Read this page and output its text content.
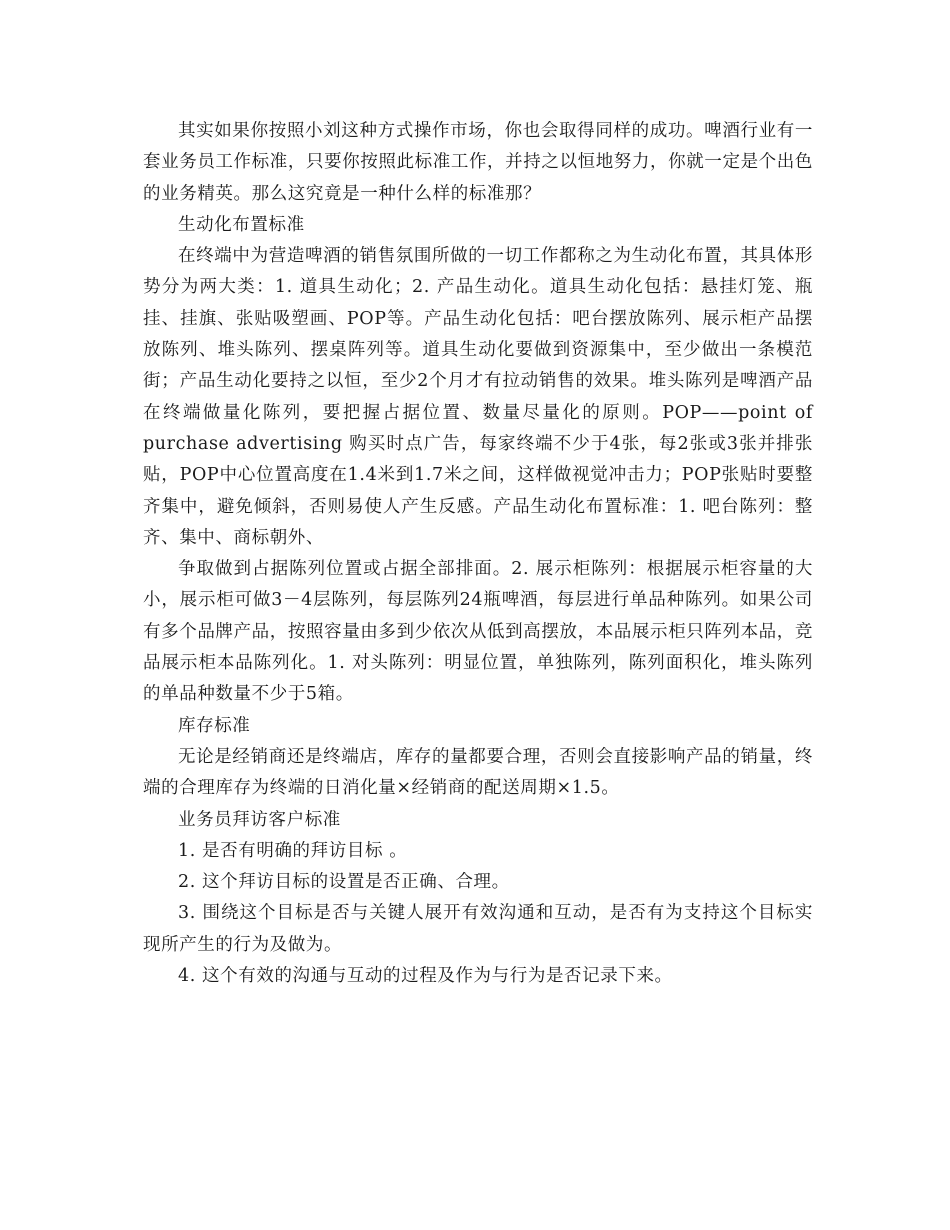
其实如果你按照小刘这种方式操作市场，你也会取得同样的成功。啤酒行业有一套业务员工作标准，只要你按照此标准工作，并持之以恒地努力，你就一定是个出色的业务精英。那么这究竟是一种什么样的标准那？

生动化布置标准

在终端中为营造啤酒的销售氛围所做的一切工作都称之为生动化布置，其具体形势分为两大类：1. 道具生动化；2. 产品生动化。道具生动化包括：悬挂灯笼、瓶挂、挂旗、张贴吸塑画、POP等。产品生动化包括：吧台摆放陈列、展示柜产品摆放陈列、堆头陈列、摆桌阵列等。道具生动化要做到资源集中，至少做出一条模范街；产品生动化要持之以恒，至少2个月才有拉动销售的效果。堆头陈列是啤酒产品在终端做量化陈列，要把握占据位置、数量尽量化的原则。POP——point of purchase advertising 购买时点广告，每家终端不少于4张，每2张或3张并排张贴，POP中心位置高度在1.4米到1.7米之间，这样做视觉冲击力；POP张贴时要整齐集中，避免倾斜，否则易使人产生反感。产品生动化布置标准：1. 吧台陈列：整齐、集中、商标朝外、

争取做到占据陈列位置或占据全部排面。2. 展示柜陈列：根据展示柜容量的大小，展示柜可做3－4层陈列，每层陈列24瓶啤酒，每层进行单品种陈列。如果公司有多个品牌产品，按照容量由多到少依次从低到高摆放，本品展示柜只阵列本品，竞品展示柜本品陈列化。1. 对头陈列：明显位置，单独陈列，陈列面积化，堆头陈列的单品种数量不少于5箱。

库存标准

无论是经销商还是终端店，库存的量都要合理，否则会直接影响产品的销量，终端的合理库存为终端的日消化量×经销商的配送周期×1.5。

业务员拜访客户标准

1. 是否有明确的拜访目标 。

2. 这个拜访目标的设置是否正确、合理。

3. 围绕这个目标是否与关键人展开有效沟通和互动，是否有为支持这个目标实现所产生的行为及做为。

4. 这个有效的沟通与互动的过程及作为与行为是否记录下来。
